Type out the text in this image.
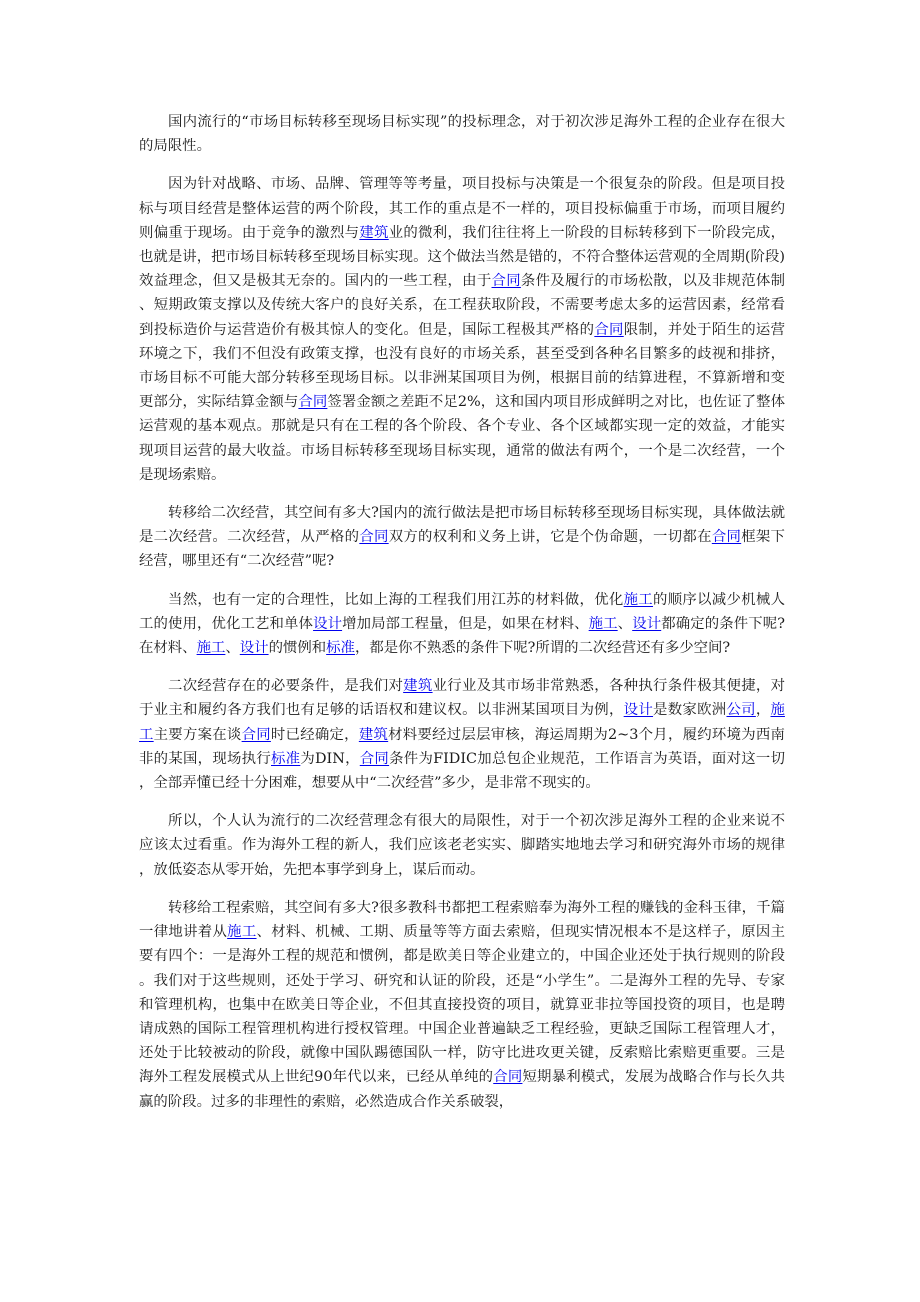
国内流行的“市场目标转移至现场目标实现”的投标理念，对于初次涉足海外工程的企业存在很大的局限性。

因为针对战略、市场、品牌、管理等等考量，项目投标与决策是一个很复杂的阶段。但是项目投标与项目经营是整体运营的两个阶段，其工作的重点是不一样的，项目投标偏重于市场，而项目履约则偏重于现场。由于竞争的激烈与建筑业的微利，我们往往将上一阶段的目标转移到下一阶段完成，也就是讲，把市场目标转移至现场目标实现。这个做法当然是错的，不符合整体运营观的全周期(阶段)效益理念，但又是极其无奈的。国内的一些工程，由于合同条件及履行的市场松散，以及非规范体制、短期政策支撑以及传统大客户的良好关系，在工程获取阶段，不需要考虑太多的运营因素，经常看到投标造价与运营造价有极其惊人的变化。但是，国际工程极其严格的合同限制，并处于陌生的运营环境之下，我们不但没有政策支撑，也没有良好的市场关系，甚至受到各种名目繁多的歧视和排挤，市场目标不可能大部分转移至现场目标。以非洲某国项目为例，根据目前的结算进程，不算新增和变更部分，实际结算金额与合同签署金额之差距不足2%，这和国内项目形成鲜明之对比，也佐证了整体运营观的基本观点。那就是只有在工程的各个阶段、各个专业、各个区域都实现一定的效益，才能实现项目运营的最大收益。市场目标转移至现场目标实现，通常的做法有两个，一个是二次经营，一个是现场索赔。

转移给二次经营，其空间有多大?国内的流行做法是把市场目标转移至现场目标实现，具体做法就是二次经营。二次经营，从严格的合同双方的权利和义务上讲，它是个伪命题，一切都在合同框架下经营，哪里还有“二次经营”呢?

当然，也有一定的合理性，比如上海的工程我们用江苏的材料做，优化施工的顺序以减少机械人工的使用，优化工艺和单体设计增加局部工程量，但是，如果在材料、施工、设计都确定的条件下呢?在材料、施工、设计的惯例和标准，都是你不熟悉的条件下呢?所谓的二次经营还有多少空间?

二次经营存在的必要条件，是我们对建筑业行业及其市场非常熟悉，各种执行条件极其便捷，对于业主和履约各方我们也有足够的话语权和建议权。以非洲某国项目为例，设计是数家欧洲公司，施工主要方案在谈合同时已经确定，建筑材料要经过层层审核，海运周期为2~3个月，履约环境为西南非的某国，现场执行标准为DIN，合同条件为FIDIC加总包企业规范，工作语言为英语，面对这一切，全部弄懂已经十分困难，想要从中“二次经营”多少，是非常不现实的。

所以，个人认为流行的二次经营理念有很大的局限性，对于一个初次涉足海外工程的企业来说不应该太过看重。作为海外工程的新人，我们应该老老实实、脚踏实地地去学习和研究海外市场的规律，放低姿态从零开始，先把本事学到身上，谋后而动。

转移给工程索赔，其空间有多大?很多教科书都把工程索赔奉为海外工程的赚钱的金科玉律，千篇一律地讲着从施工、材料、机械、工期、质量等等方面去索赔，但现实情况根本不是这样子，原因主要有四个：一是海外工程的规范和惯例，都是欧美日等企业建立的，中国企业还处于执行规则的阶段。我们对于这些规则，还处于学习、研究和认证的阶段，还是“小学生”。二是海外工程的先导、专家和管理机构，也集中在欧美日等企业，不但其直接投资的项目，就算亚非拉等国投资的项目，也是聘请成熟的国际工程管理机构进行授权管理。中国企业普遍缺乏工程经验，更缺乏国际工程管理人才，还处于比较被动的阶段，就像中国队踢德国队一样，防守比进攻更关键，反索赔比索赔更重要。三是海外工程发展模式从上世纪90年代以来，已经从单纯的合同短期暴利模式，发展为战略合作与长久共赢的阶段。过多的非理性的索赔，必然造成合作关系破裂，
